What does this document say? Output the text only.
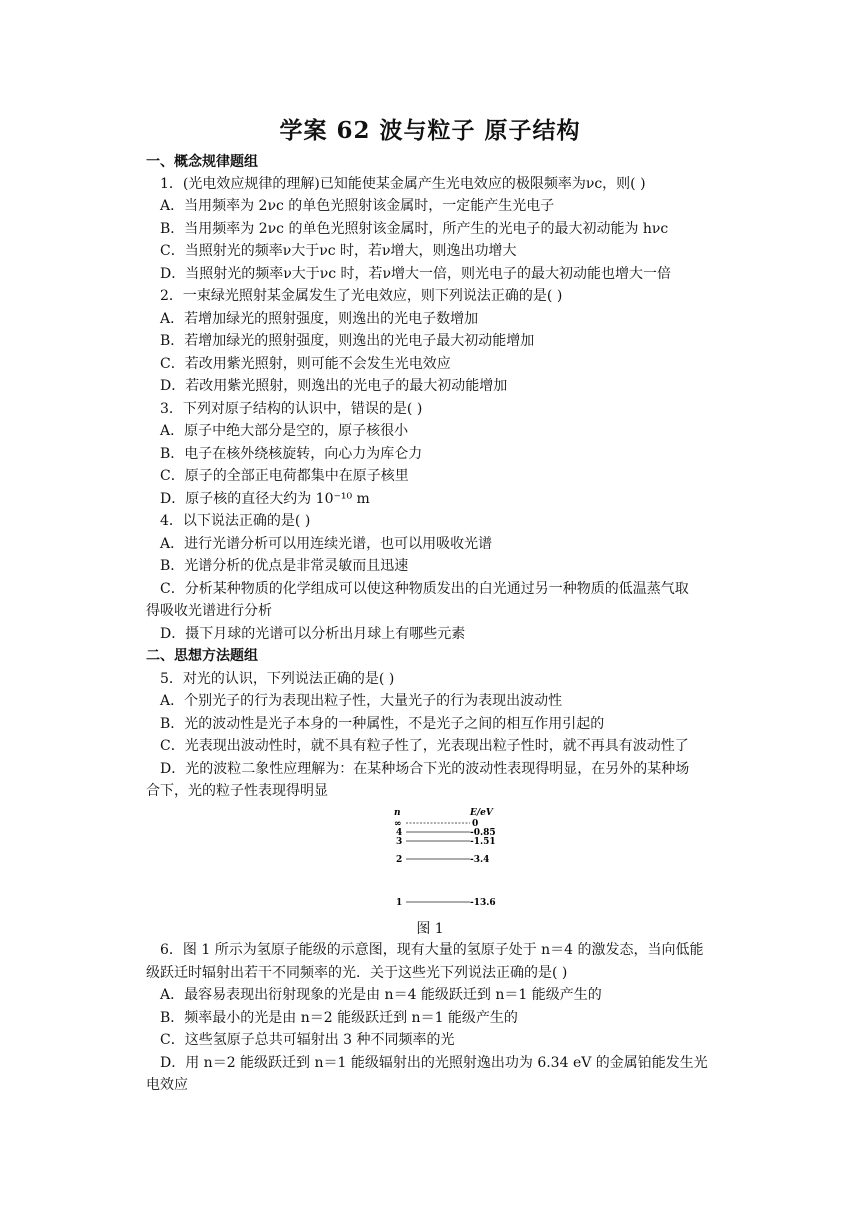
学案 62 波与粒子 原子结构
一、概念规律题组
1．(光电效应规律的理解)已知能使某金属产生光电效应的极限频率为νc，则( )
A．当用频率为 2νc 的单色光照射该金属时，一定能产生光电子
B．当用频率为 2νc 的单色光照射该金属时，所产生的光电子的最大初动能为 hνc
C．当照射光的频率ν大于νc 时，若ν增大，则逸出功增大
D．当照射光的频率ν大于νc 时，若ν增大一倍，则光电子的最大初动能也增大一倍
2．一束绿光照射某金属发生了光电效应，则下列说法正确的是( )
A．若增加绿光的照射强度，则逸出的光电子数增加
B．若增加绿光的照射强度，则逸出的光电子最大初动能增加
C．若改用紫光照射，则可能不会发生光电效应
D．若改用紫光照射，则逸出的光电子的最大初动能增加
3．下列对原子结构的认识中，错误的是( )
A．原子中绝大部分是空的，原子核很小
B．电子在核外绕核旋转，向心力为库仑力
C．原子的全部正电荷都集中在原子核里
D．原子核的直径大约为 10⁻¹⁰ m
4．以下说法正确的是( )
A．进行光谱分析可以用连续光谱，也可以用吸收光谱
B．光谱分析的优点是非常灵敏而且迅速
C．分析某种物质的化学组成可以使这种物质发出的白光通过另一种物质的低温蒸气取
得吸收光谱进行分析
D．摄下月球的光谱可以分析出月球上有哪些元素
二、思想方法题组
5．对光的认识，下列说法正确的是( )
A．个别光子的行为表现出粒子性，大量光子的行为表现出波动性
B．光的波动性是光子本身的一种属性，不是光子之间的相互作用引起的
C．光表现出波动性时，就不具有粒子性了，光表现出粒子性时，就不再具有波动性了
D．光的波粒二象性应理解为：在某种场合下光的波动性表现得明显，在另外的某种场
合下，光的粒子性表现得明显
n	E/eV
∞	0
4	-0.85
3	-1.51
2	-3.4
1	-13.6
图 1
6．图 1 所示为氢原子能级的示意图，现有大量的氢原子处于 n＝4 的激发态，当向低能
级跃迁时辐射出若干不同频率的光．关于这些光下列说法正确的是( )
A．最容易表现出衍射现象的光是由 n＝4 能级跃迁到 n＝1 能级产生的
B．频率最小的光是由 n＝2 能级跃迁到 n＝1 能级产生的
C．这些氢原子总共可辐射出 3 种不同频率的光
D．用 n＝2 能级跃迁到 n＝1 能级辐射出的光照射逸出功为 6.34 eV 的金属铂能发生光
电效应
